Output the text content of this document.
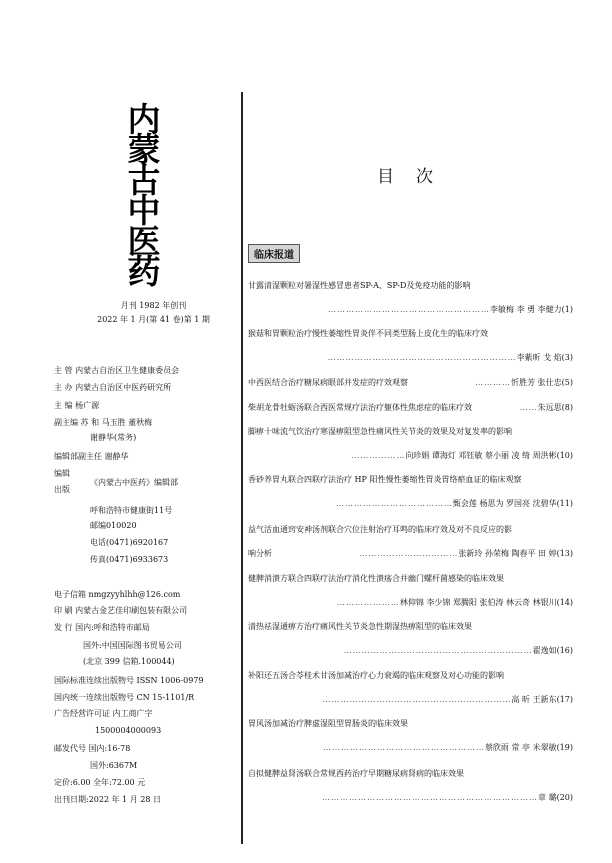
内
蒙
古
中
医
药
月刊 1982 年创刊
2022 年 1 月(第 41 卷)第 1 期
主 管 内蒙古自治区卫生健康委员会
主 办 内蒙古自治区中医药研究所
主 编 杨广源
副主编 苏 和 马玉胜 董秋梅
谢静华(常务)
编辑部副主任 谢静华
编辑
出版
《内蒙古中医药》编辑部
呼和浩特市健康街11号
邮编010020
电话(0471)6920167
传真(0471)6933673
电子信箱 nmgzyyhlhh@126.com
印 刷 内蒙古金艺佳印刷包装有限公司
发 行 国内:呼和浩特市邮局
国外:中国国际图书贸易公司
(北京 399 信箱.100044)
国际标准连续出版物号 ISSN 1006-0979
国内统一连续出版物号 CN 15-1101/R
广告经营许可证 内工商广字
1500004000093
邮发代号 国内:16-78
国外:6367M
定价:6.00 全年:72.00 元
出刊日期:2022 年 1 月 28 日
目次
临床报道
甘露清湿颗粒对暑湿性感冒患者SP-A、SP-D及免疫功能的影响
………………………………………………李敏梅 李 勇 李健力(1)
猴菇和胃颗粒治疗慢性萎缩性胃炎伴不同类型肠上皮化生的临床疗效
………………………………………………………李紫昕 戈 焰(3)
中西医结合治疗糖尿病眼部并发症的疗效观察	…………忻胜芳 张仕忠(5)
柴胡龙骨牡蛎汤联合西医常规疗法治疗躯体性焦虑症的临床疗效	……朱远思(8)
脚痹十味流气饮治疗寒湿痹阻型急性痛风性关节炎的效果及对复发率的影响
………………向珍娟 谭海灯 邓钰敏 蔡小丽 凌 绮 周洪彬(10)
香砂养胃丸联合四联疗法治疗 HP 阳性慢性萎缩性胃炎胃络瘀血证的临床观察
…………………………………甄会莲 杨思为 罗国亮 沈碧华(11)
益气活血通窍安神汤剂联合穴位注射治疗耳鸣的临床疗效及对不良反应的影
响分析	……………………………张新玲 孙荣梅 陶春平 田 婷(13)
健脾消溃方联合四联疗法治疗消化性溃疡合并幽门螺杆菌感染的临床效果
…………………林仰锦 李少锦 郑腾阳 张伯涛 林云奇 林银川(14)
清热祛湿通痹方治疗痛风性关节炎急性期湿热痹阻型的临床效果
………………………………………………………翟逸如(16)
补阳还五汤合苓桂术甘汤加减治疗心力衰竭的临床观察及对心功能的影响
………………………………………………………高 昕 王新东(17)
胃风汤加减治疗脾虚湿阻型胃肠炎的临床效果
………………………………………………蔡欣雨 常 亭 米翠敏(19)
自拟健脾益肾汤联合常规西药治疗早期糖尿病肾病的临床效果
………………………………………………………………章 璐(20)
